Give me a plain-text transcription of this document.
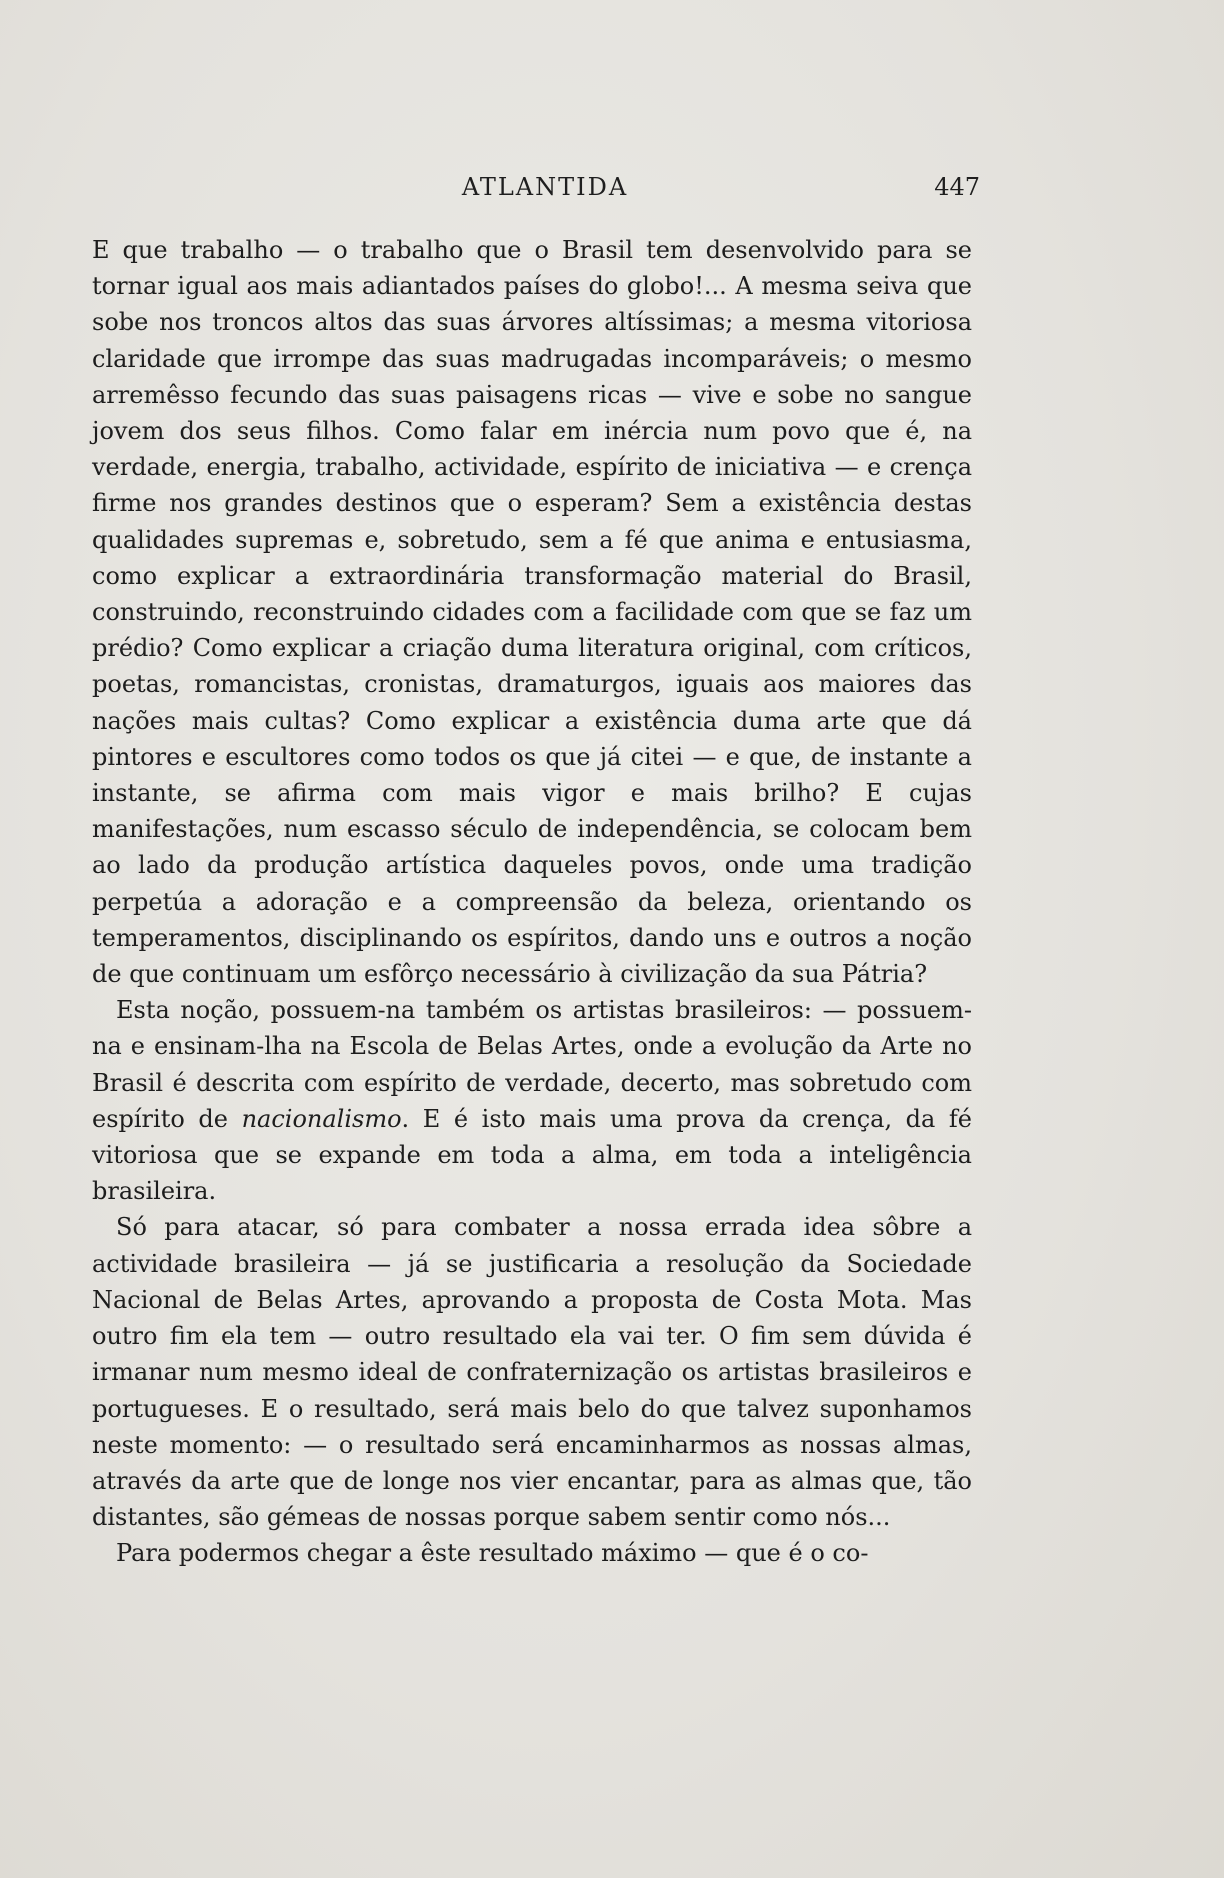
ATLANTIDA	447

E que trabalho — o trabalho que o Brasil tem desenvolvido para se tornar igual aos mais adiantados países do globo!... A mesma seiva que sobe nos troncos altos das suas árvores altíssimas; a mesma vitoriosa claridade que irrompe das suas madrugadas incomparáveis; o mesmo arremêsso fecundo das suas paisagens ricas — vive e sobe no sangue jovem dos seus filhos. Como falar em inércia num povo que é, na verdade, energia, trabalho, actividade, espírito de iniciativa — e crença firme nos grandes destinos que o esperam? Sem a existência destas qualidades supremas e, sobretudo, sem a fé que anima e entusiasma, como explicar a extraordinária transformação material do Brasil, construindo, reconstruindo cidades com a facilidade com que se faz um prédio? Como explicar a criação duma literatura original, com críticos, poetas, romancistas, cronistas, dramaturgos, iguais aos maiores das nações mais cultas? Como explicar a existência duma arte que dá pintores e escultores como todos os que já citei — e que, de instante a instante, se afirma com mais vigor e mais brilho? E cujas manifestações, num escasso século de independência, se colocam bem ao lado da produção artística daqueles povos, onde uma tradição perpetúa a adoração e a compreensão da beleza, orientando os temperamentos, disciplinando os espíritos, dando uns e outros a noção de que continuam um esfôrço necessário à civilização da sua Pátria?

Esta noção, possuem-na também os artistas brasileiros: — possuem-na e ensinam-lha na Escola de Belas Artes, onde a evolução da Arte no Brasil é descrita com espírito de verdade, decerto, mas sobretudo com espírito de nacionalismo. E é isto mais uma prova da crença, da fé vitoriosa que se expande em toda a alma, em toda a inteligência brasileira.

Só para atacar, só para combater a nossa errada idea sôbre a actividade brasileira — já se justificaria a resolução da Sociedade Nacional de Belas Artes, aprovando a proposta de Costa Mota. Mas outro fim ela tem — outro resultado ela vai ter. O fim sem dúvida é irmanar num mesmo ideal de confraternização os artistas brasileiros e portugueses. E o resultado, será mais belo do que talvez suponhamos neste momento: — o resultado será encaminharmos as nossas almas, através da arte que de longe nos vier encantar, para as almas que, tão distantes, são gémeas de nossas porque sabem sentir como nós...

Para podermos chegar a êste resultado máximo — que é o co-
